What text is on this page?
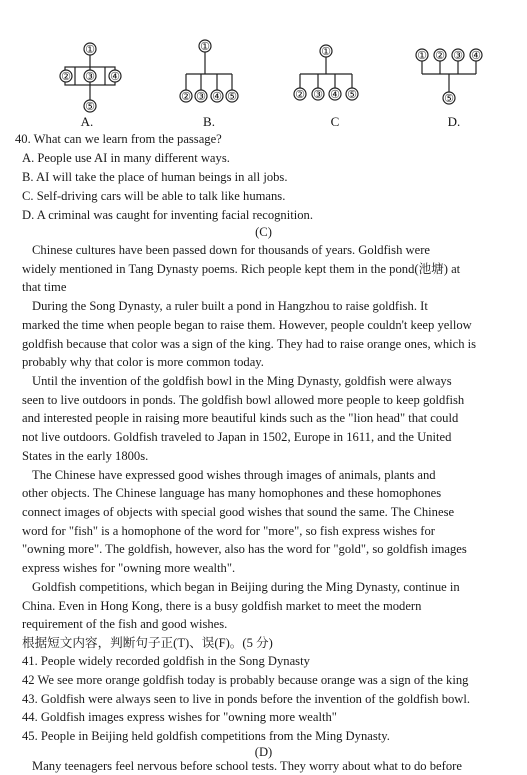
①
② ③ ④
⑤
①
② ③ ④ ⑤
①
② ③ ④ ⑤
① ② ③ ④
⑤
A.	B.	C	D.
40. What can we learn from the passage?
A. People use AI in many different ways.
B. AI will take the place of human beings in all jobs.
C. Self-driving cars will be able to talk like humans.
D. A criminal was caught for inventing facial recognition.
(C)
Chinese cultures have been passed down for thousands of years. Goldfish were
widely mentioned in Tang Dynasty poems. Rich people kept them in the pond(池塘) at
that time
During the Song Dynasty, a ruler built a pond in Hangzhou to raise goldfish. It
marked the time when people began to raise them. However, people couldn't keep yellow
goldfish because that color was a sign of the king. They had to raise orange ones, which is
probably why that color is more common today.
Until the invention of the goldfish bowl in the Ming Dynasty, goldfish were always
seen to live outdoors in ponds. The goldfish bowl allowed more people to keep goldfish
and interested people in raising more beautiful kinds such as the "lion head" that could
not live outdoors. Goldfish traveled to Japan in 1502, Europe in 1611, and the United
States in the early 1800s.
The Chinese have expressed good wishes through images of animals, plants and
other objects. The Chinese language has many homophones and these homophones
connect images of objects with special good wishes that sound the same. The Chinese
word for "fish" is a homophone of the word for "more", so fish express wishes for
"owning more". The goldfish, however, also has the word for "gold", so goldfish images
express wishes for "owning more wealth".
Goldfish competitions, which began in Beijing during the Ming Dynasty, continue in
China. Even in Hong Kong, there is a busy goldfish market to meet the modern
requirement of the fish and good wishes.
根据短文内容，判断句子正(T)、误(F)。(5 分)
41. People widely recorded goldfish in the Song Dynasty
42 We see more orange goldfish today is probably because orange was a sign of the king
43. Goldfish were always seen to live in ponds before the invention of the goldfish bowl.
44. Goldfish images express wishes for "owning more wealth"
45. People in Beijing held goldfish competitions from the Ming Dynasty.
(D)
Many teenagers feel nervous before school tests. They worry about what to do before
